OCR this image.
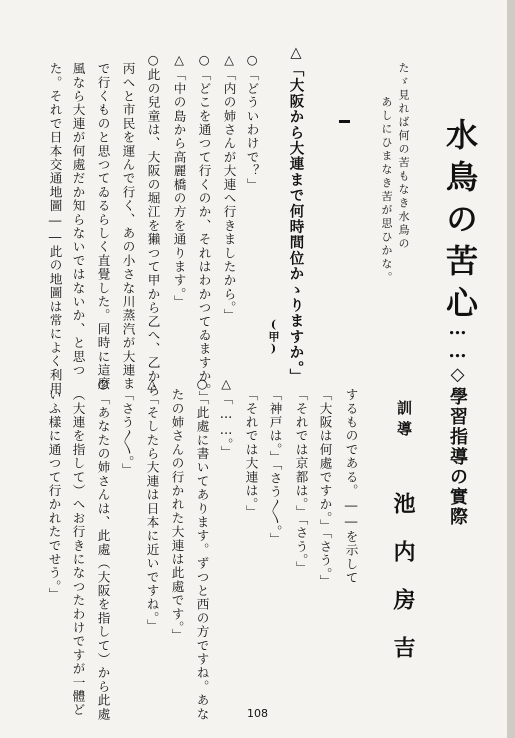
水鳥の苦心
……◇學習指導の實際
たゞ見れば何の苦もなき水鳥の
あしにひまなき苦が思ひかな。
△「大阪から大連まで何時間位かゝりますか。」
(甲)
○「どういわけで？」
△「内の姉さんが大連へ行きましたから。」
○「どこを通つて行くのか、それはわかつてゐますか。」
△「中の島から高麗橋の方を通ります。」
○此の兒童は、大阪の堀江を獺つて甲から乙へ、乙から
丙へと市民を運んで行く、あの小さな川蒸汽が大連ま
で行くものと思つてゐるらしく直覺した。同時に這麼
風なら大連が何處だか知らないではないか、と思つ
た。それで日本交通地圖――此の地圖は常によく利用
訓導
池内房吉
するものである。――を示して
「大阪は何處ですか。」「さう。」
「それでは京都は。」「さう。」
「神戸は。」「さう〳〵。」
「それでは大連は。」
△「……。」
○「此處に書いてあります。ずつと西の方ですね。あな
たの姉さんの行かれた大連は此處です。」
△「そしたら大連は日本に近いですね。」
「さう〳〵。」
○「あなたの姉さんは、此處（大阪を指して）から此處
（大連を指して）へお行きになつたわけですが一體ど
いふ樣に通つて行かれたでせう。」
108
